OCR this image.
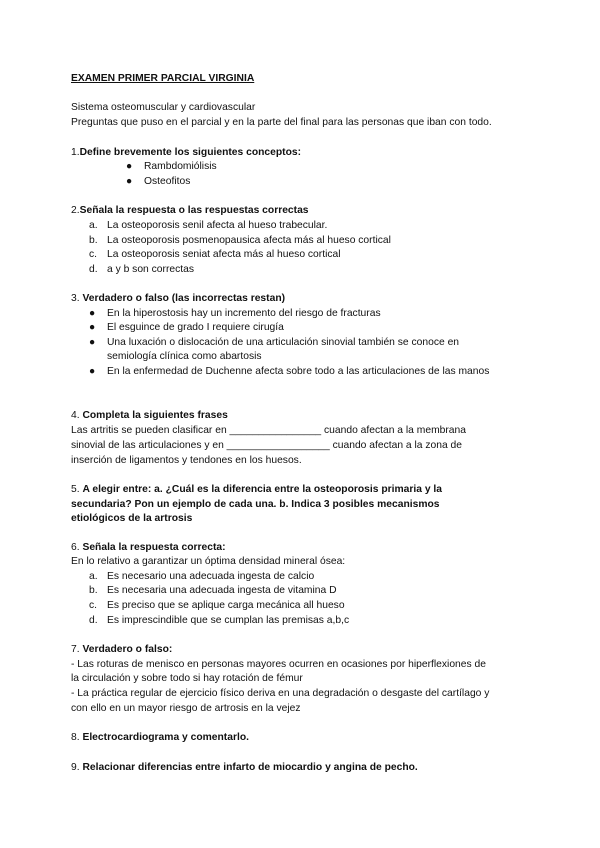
EXAMEN PRIMER PARCIAL VIRGINIA
Sistema osteomuscular y cardiovascular
Preguntas que puso en el parcial y en la parte del final para las personas que iban con todo.
1.Define brevemente los siguientes conceptos:
● Rambdomiólisis
● Osteofitos
2.Señala la respuesta o las respuestas correctas
a. La osteoporosis senil afecta al hueso trabecular.
b. La osteoporosis posmenopausica afecta más al hueso cortical
c. La osteoporosis seniat afecta más al hueso cortical
d. a y b son correctas
3. Verdadero o falso (las incorrectas restan)
● En la hiperostosis hay un incremento del riesgo de fracturas
● El esguince de grado I requiere cirugía
● Una luxación o dislocación de una articulación sinovial también se conoce en
semiología clínica como abartosis
● En la enfermedad de Duchenne afecta sobre todo a las articulaciones de las manos
4. Completa la siguientes frases
Las artritis se pueden clasificar en ________________ cuando afectan a la membrana
sinovial de las articulaciones y en __________________ cuando afectan a la zona de
inserción de ligamentos y tendones en los huesos.
5. A elegir entre: a. ¿Cuál es la diferencia entre la osteoporosis primaria y la
secundaria? Pon un ejemplo de cada una. b. Indica 3 posibles mecanismos
etiológicos de la artrosis
6. Señala la respuesta correcta:
En lo relativo a garantizar un óptima densidad mineral ósea:
a. Es necesario una adecuada ingesta de calcio
b. Es necesaria una adecuada ingesta de vitamina D
c. Es preciso que se aplique carga mecánica all hueso
d. Es imprescindible que se cumplan las premisas a,b,c
7. Verdadero o falso:
- Las roturas de menisco en personas mayores ocurren en ocasiones por hiperflexiones de
la circulación y sobre todo si hay rotación de fémur
- La práctica regular de ejercicio físico deriva en una degradación o desgaste del cartílago y
con ello en un mayor riesgo de artrosis en la vejez
8. Electrocardiograma y comentarlo.
9. Relacionar diferencias entre infarto de miocardio y angina de pecho.
